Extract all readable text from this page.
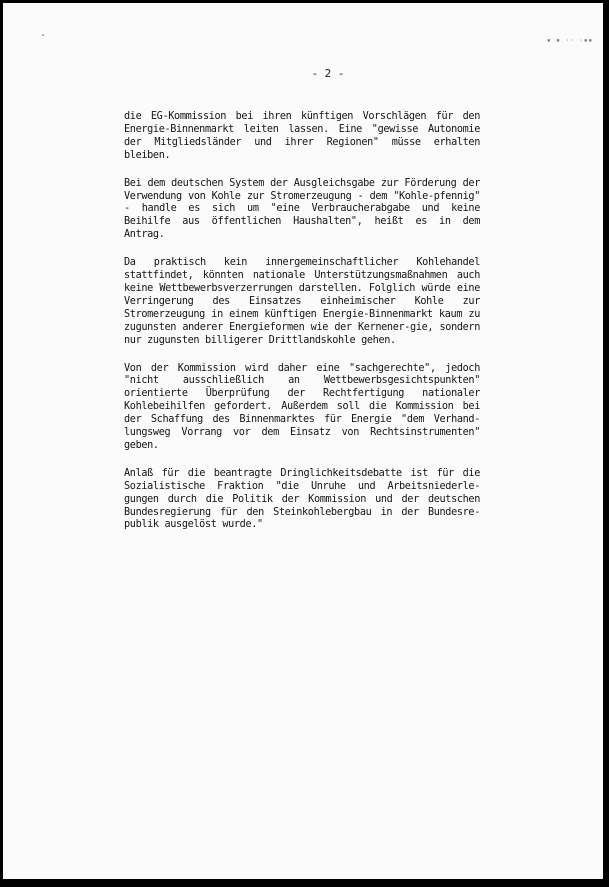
▪ ▪ ·· ·▪▪
- 2 -

die EG-Kommission bei ihren künftigen Vorschlägen für den Energie-Binnenmarkt leiten lassen. Eine "gewisse Autonomie der Mitgliedsländer und ihrer Regionen" müsse erhalten bleiben.

Bei dem deutschen System der Ausgleichsgabe zur Förderung der Verwendung von Kohle zur Stromerzeugung - dem "Kohle-pfennig" - handle es sich um "eine Verbraucherabgabe und keine Beihilfe aus öffentlichen Haushalten", heißt es in dem Antrag.

Da praktisch kein innergemeinschaftlicher Kohlehandel stattfindet, könnten nationale Unterstützungsmaßnahmen auch keine Wettbewerbsverzerrungen darstellen. Folglich würde eine Verringerung des Einsatzes einheimischer Kohle zur Stromerzeugung in einem künftigen Energie-Binnenmarkt kaum zu zugunsten anderer Energieformen wie der Kernener-gie, sondern nur zugunsten billigerer Drittlandskohle gehen.

Von der Kommission wird daher eine "sachgerechte", jedoch "nicht ausschließlich an Wettbewerbsgesichtspunkten" orientierte Überprüfung der Rechtfertigung nationaler Kohlebeihilfen gefordert. Außerdem soll die Kommission bei der Schaffung des Binnenmarktes für Energie "dem Verhand-lungsweg Vorrang vor dem Einsatz von Rechtsinstrumenten" geben.

Anlaß für die beantragte Dringlichkeitsdebatte ist für die Sozialistische Fraktion "die Unruhe und Arbeitsniederle-gungen durch die Politik der Kommission und der deutschen Bundesregierung für den Steinkohlebergbau in der Bundesre-publik ausgelöst wurde."
